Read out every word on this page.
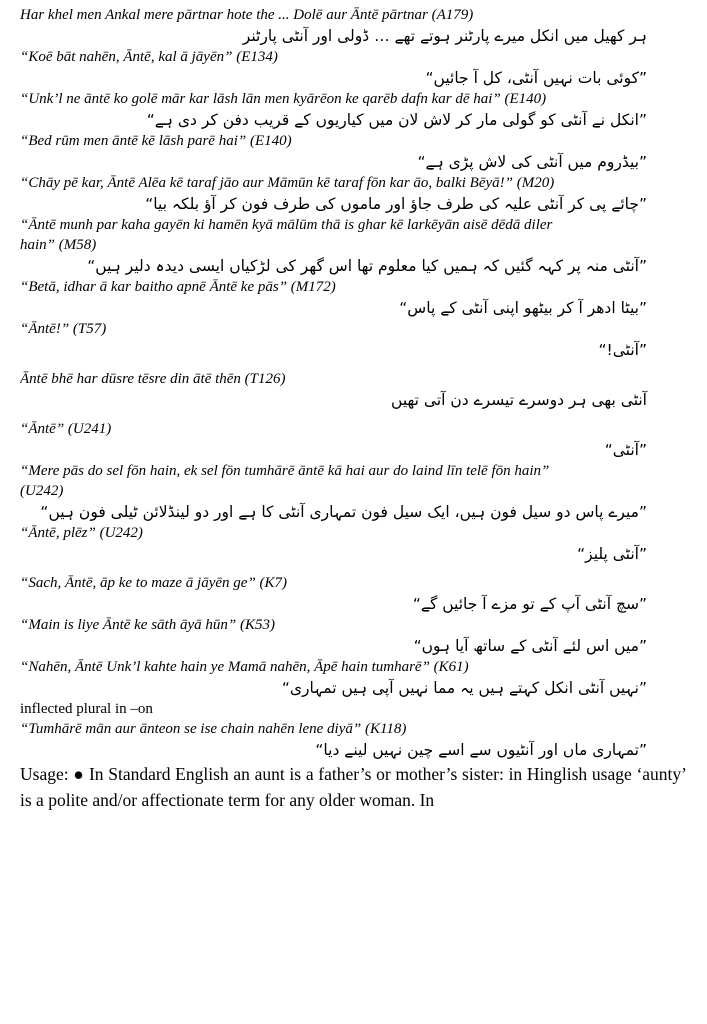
Har khel men Ankal mere pārtnar hote the ... Dolē aur Āntē pārtnar (A179)
ہر کھیل میں انکل میرے پارٹنر ہوتے تھے … ڈولی اور آنٹی پارٹنر
“Koē bāt nahēn, Āntē, kal ā jāyēn” (E134)
”کوئی بات نہیں آنٹی، کل آ جائیں“
“Unk’l ne āntē ko golē mār kar lāsh lān men kyārēon ke qarēb dafn kar dē hai” (E140)
”انکل نے آنٹی کو گولی مار کر لاش لان میں کیاریوں کے قریب دفن کر دی ہے“
“Bed rūm men āntē kē lāsh parē hai” (E140)
”بیڈروم میں آنٹی کی لاش پڑی ہے“
“Chāy pē kar, Āntē Alēa kē taraf jāo aur Māmūn kē taraf fōn kar āo, balki Bēyā!” (M20)
”چائے پی کر آنٹی علیہ کی طرف جاؤ اور ماموں کی طرف فون کر آؤ بلکہ بیا“
“Āntē munh par kaha gayēn ki hamēn kyā mālūm thā is ghar kē larkēyān aisē dēdā diler
hain” (M58)
”آنٹی منہ پر کہہ گئیں کہ ہمیں کیا معلوم تھا اس گھر کی لڑکیاں ایسی دیدہ دلیر ہیں“
“Betā, idhar ā kar baitho apnē Āntē ke pās” (M172)
”بیٹا ادھر آ کر بیٹھو اپنی آنٹی کے پاس“
“Āntē!” (T57)
”آنٹی!“
Āntē bhē har dūsre tēsre din ātē thēn (T126)
آنٹی بھی ہر دوسرے تیسرے دن آتی تھیں
“Āntē” (U241)
”آنٹی“
“Mere pās do sel fōn hain, ek sel fōn tumhārē āntē kā hai aur do laind līn telē fōn hain”
(U242)
”میرے پاس دو سیل فون ہیں، ایک سیل فون تمہاری آنٹی کا ہے اور دو لینڈلائن ٹیلی فون ہیں“
“Āntē, plēz” (U242)
”آنٹی پلیز“
“Sach, Āntē, āp ke to maze ā jāyēn ge” (K7)
”سچ آنٹی آپ کے تو مزے آ جائیں گے“
“Main is liye Āntē ke sāth āyā hūn” (K53)
”میں اس لئے آنٹی کے ساتھ آیا ہوں“
“Nahēn, Āntē Unk’l kahte hain ye Mamā nahēn, Āpē hain tumharē” (K61)
”نہیں آنٹی انکل کہتے ہیں یہ مما نہیں آپی ہیں تمہاری“
inflected plural in –on
“Tumhārē mān aur ānteon se ise chain nahēn lene diyā” (K118)
”تمہاری ماں اور آنٹیوں سے اسے چین نہیں لینے دیا“
Usage: ● In Standard English an aunt is a father’s or mother’s sister: in Hinglish usage ‘aunty’ is a polite and/or affectionate term for any older woman. In
